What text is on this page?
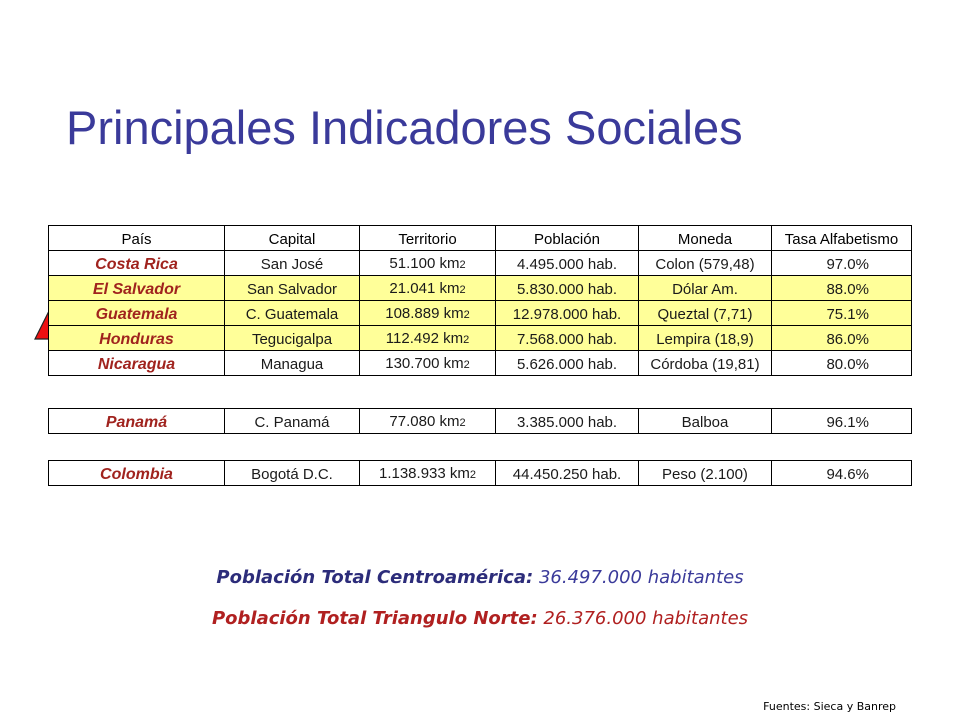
Principales Indicadores Sociales
País	Capital	Territorio	Población	Moneda	Tasa Alfabetismo
Costa Rica	San José	51.100 km2	4.495.000 hab.	Colon (579,48)	97.0%
El Salvador	San Salvador	21.041 km2	5.830.000 hab.	Dólar Am.	88.0%
Guatemala	C. Guatemala	108.889 km2	12.978.000 hab.	Queztal (7,71)	75.1%
Honduras	Tegucigalpa	112.492 km2	7.568.000 hab.	Lempira (18,9)	86.0%
Nicaragua	Managua	130.700 km2	5.626.000 hab.	Córdoba (19,81)	80.0%
Panamá	C. Panamá	77.080 km2	3.385.000 hab.	Balboa	96.1%
Colombia	Bogotá D.C.	1.138.933 km2	44.450.250 hab.	Peso (2.100)	94.6%
Población Total Centroamérica: 36.497.000 habitantes
Población Total Triangulo Norte: 26.376.000 habitantes
Fuentes: Sieca y Banrep
